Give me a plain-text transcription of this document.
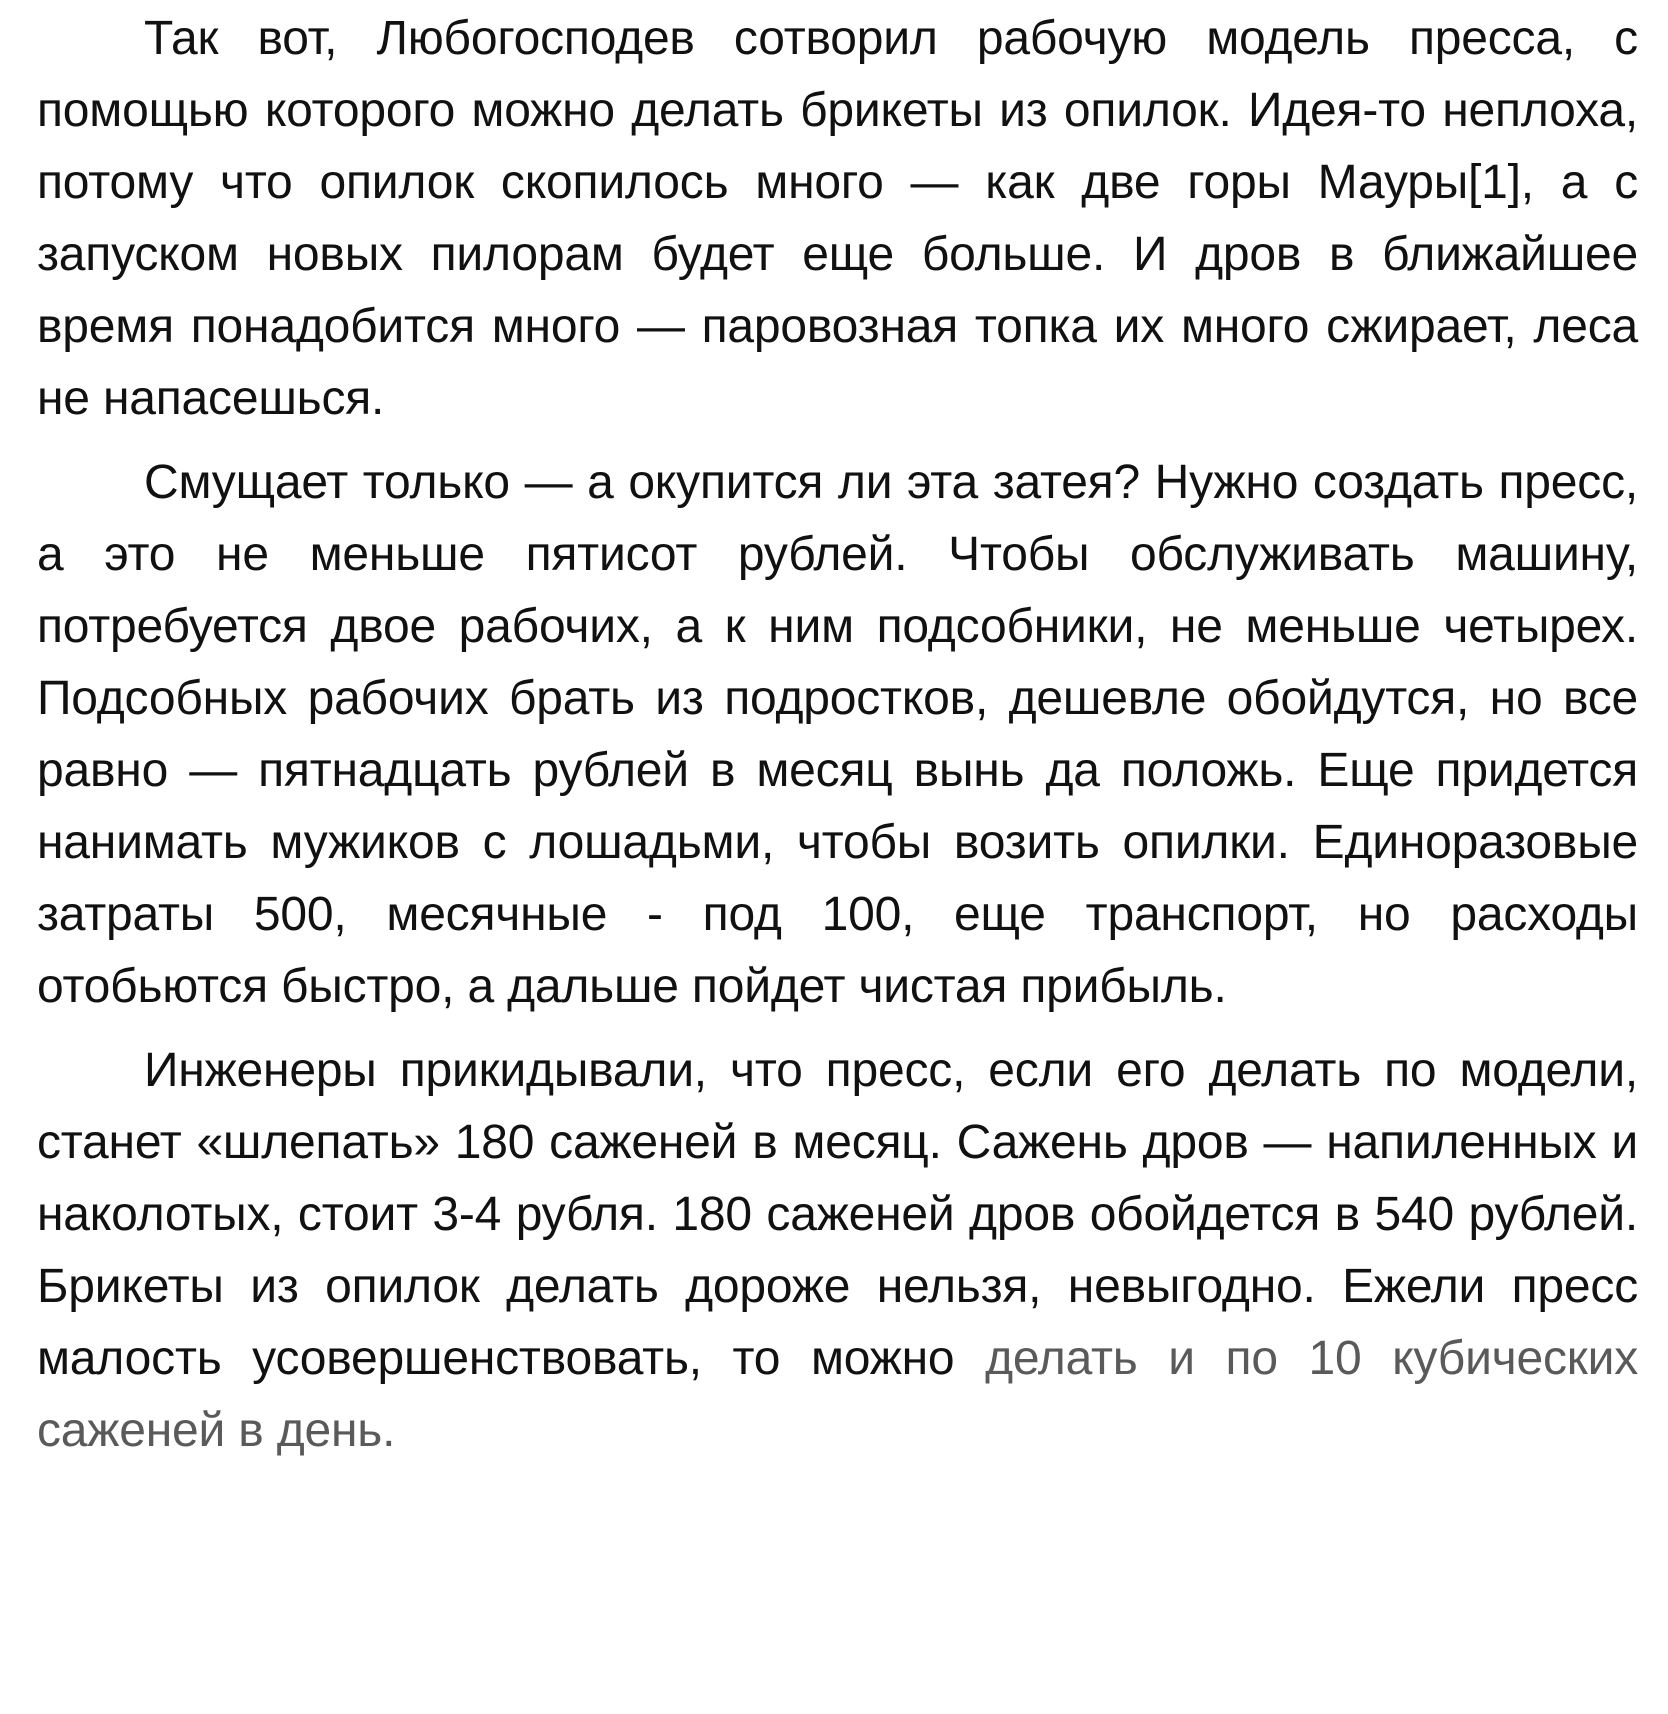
Так вот, Любогосподев сотворил рабочую модель пресса, с помощью которого можно делать брикеты из опилок. Идея-то неплоха, потому что опилок скопилось много — как две горы Мауры[1], а с запуском новых пилорам будет еще больше. И дров в ближайшее время понадобится много — паровозная топка их много сжирает, леса не напасешься.

Смущает только — а окупится ли эта затея? Нужно создать пресс, а это не меньше пятисот рублей. Чтобы обслуживать машину, потребуется двое рабочих, а к ним подсобники, не меньше четырех. Подсобных рабочих брать из подростков, дешевле обойдутся, но все равно — пятнадцать рублей в месяц вынь да положь. Еще придется нанимать мужиков с лошадьми, чтобы возить опилки. Единоразовые затраты 500, месячные - под 100, еще транспорт, но расходы отобьются быстро, а дальше пойдет чистая прибыль.

Инженеры прикидывали, что пресс, если его делать по модели, станет «шлепать» 180 саженей в месяц. Сажень дров — напиленных и наколотых, стоит 3-4 рубля. 180 саженей дров обойдется в 540 рублей. Брикеты из опилок делать дороже нельзя, невыгодно. Ежели пресс малость усовершенствовать, то можно делать и по 10 кубических саженей в день.
